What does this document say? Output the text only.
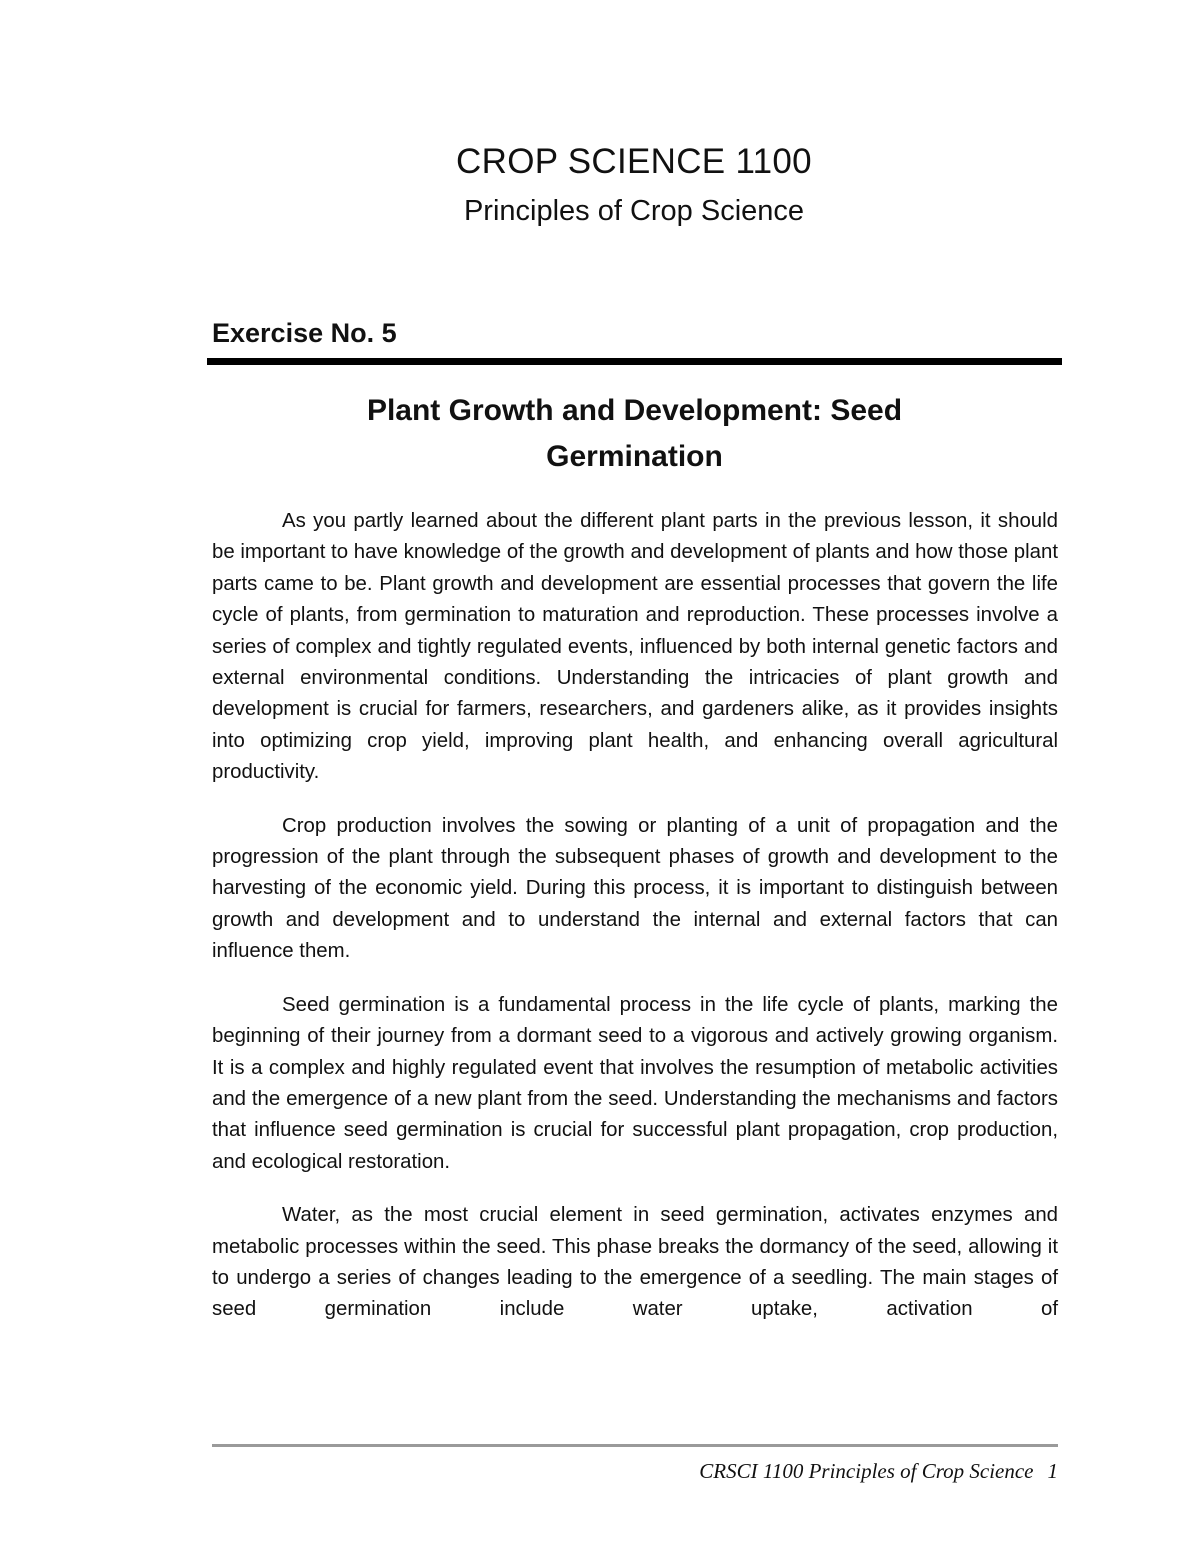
CROP SCIENCE 1100
Principles of Crop Science
Exercise No. 5
Plant Growth and Development: Seed
Germination

As you partly learned about the different plant parts in the previous lesson, it should be important to have knowledge of the growth and development of plants and how those plant parts came to be. Plant growth and development are essential processes that govern the life cycle of plants, from germination to maturation and reproduction. These processes involve a series of complex and tightly regulated events, influenced by both internal genetic factors and external environmental conditions. Understanding the intricacies of plant growth and development is crucial for farmers, researchers, and gardeners alike, as it provides insights into optimizing crop yield, improving plant health, and enhancing overall agricultural productivity.

Crop production involves the sowing or planting of a unit of propagation and the progression of the plant through the subsequent phases of growth and development to the harvesting of the economic yield. During this process, it is important to distinguish between growth and development and to understand the internal and external factors that can influence them.

Seed germination is a fundamental process in the life cycle of plants, marking the beginning of their journey from a dormant seed to a vigorous and actively growing organism. It is a complex and highly regulated event that involves the resumption of metabolic activities and the emergence of a new plant from the seed. Understanding the mechanisms and factors that influence seed germination is crucial for successful plant propagation, crop production, and ecological restoration.

Water, as the most crucial element in seed germination, activates enzymes and metabolic processes within the seed. This phase breaks the dormancy of the seed, allowing it to undergo a series of changes leading to the emergence of a seedling. The main stages of seed germination include water uptake, activation of

CRSCI 1100 Principles of Crop Science 1
